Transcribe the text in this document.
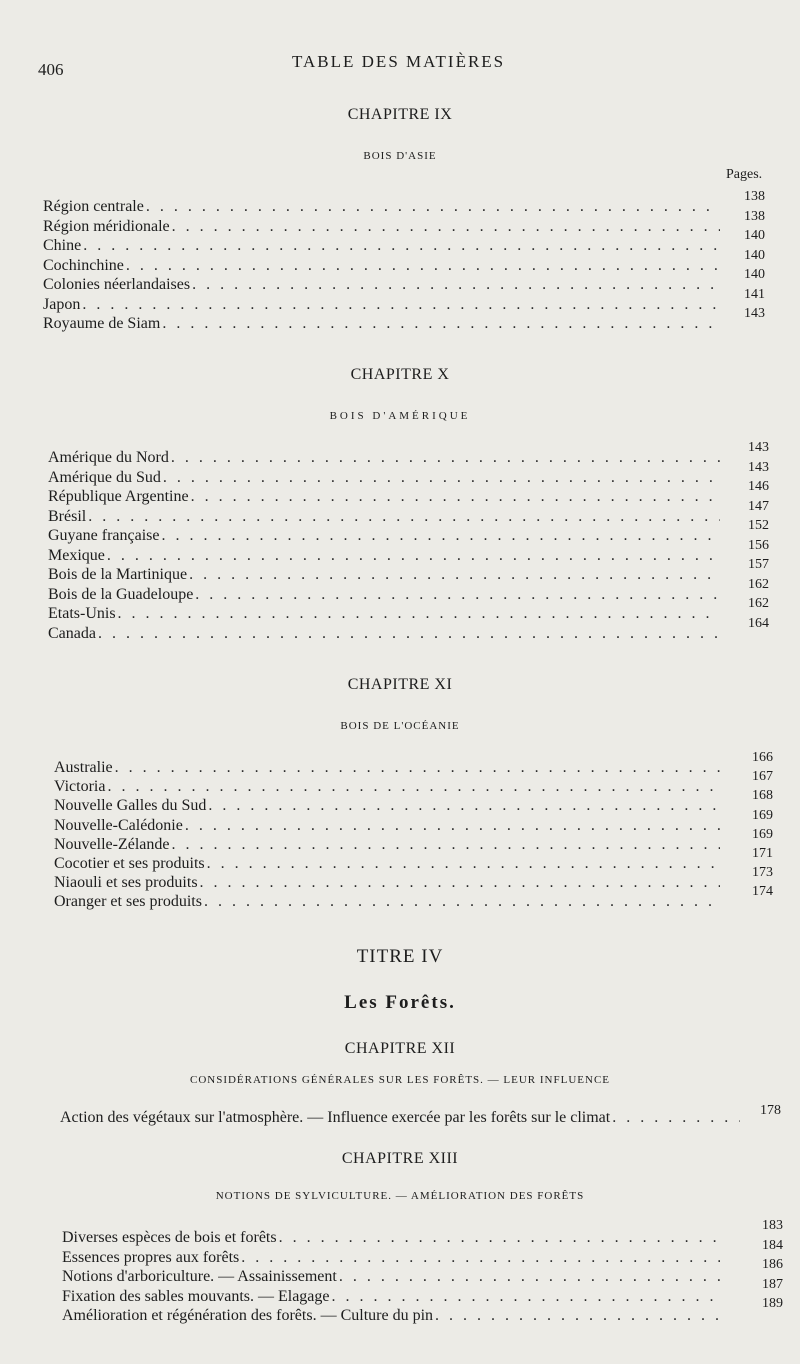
406	TABLE DES MATIÈRES
CHAPITRE IX
BOIS D'ASIE
Pages.
Région centrale
. . .
138
Région méridionale
. . .
138
Chine
. . .
140
Cochinchine
. . .
140
Colonies néerlandaises
. . .
140
Japon
. . .
141
Royaume de Siam
. . .
143
CHAPITRE X
BOIS D'AMÉRIQUE
Amérique du Nord
. . .
143
Amérique du Sud
. . .
143
République Argentine
. . .
146
Brésil
. . .
147
Guyane française
. . .
152
Mexique
. . .
156
Bois de la Martinique
. . .
157
Bois de la Guadeloupe
. . .
162
Etats-Unis
. . .
162
Canada
. . .
164
CHAPITRE XI
BOIS DE L'OCÉANIE
Australie
. . .
166
Victoria
. . .
167
Nouvelle Galles du Sud
. . .
168
Nouvelle-Calédonie
. . .
169
Nouvelle-Zélande
. . .
169
Cocotier et ses produits
. . .
171
Niaouli et ses produits
. . .
173
Oranger et ses produits
. . .
174
TITRE IV
Les Forêts.
CHAPITRE XII
CONSIDÉRATIONS GÉNÉRALES SUR LES FORÊTS. — LEUR INFLUENCE
Action des végétaux sur l'atmosphère. — Influence exercée par les forêts sur le climat
. . .	178
CHAPITRE XIII
NOTIONS DE SYLVICULTURE. — AMÉLIORATION DES FORÊTS
Diverses espèces de bois et forêts
. . .
183
Essences propres aux forêts
. . .
184
Notions d'arboriculture. — Assainissement
. . .
186
Fixation des sables mouvants. — Elagage
. . .
187
Amélioration et régénération des forêts. — Culture du pin
. . .
189
